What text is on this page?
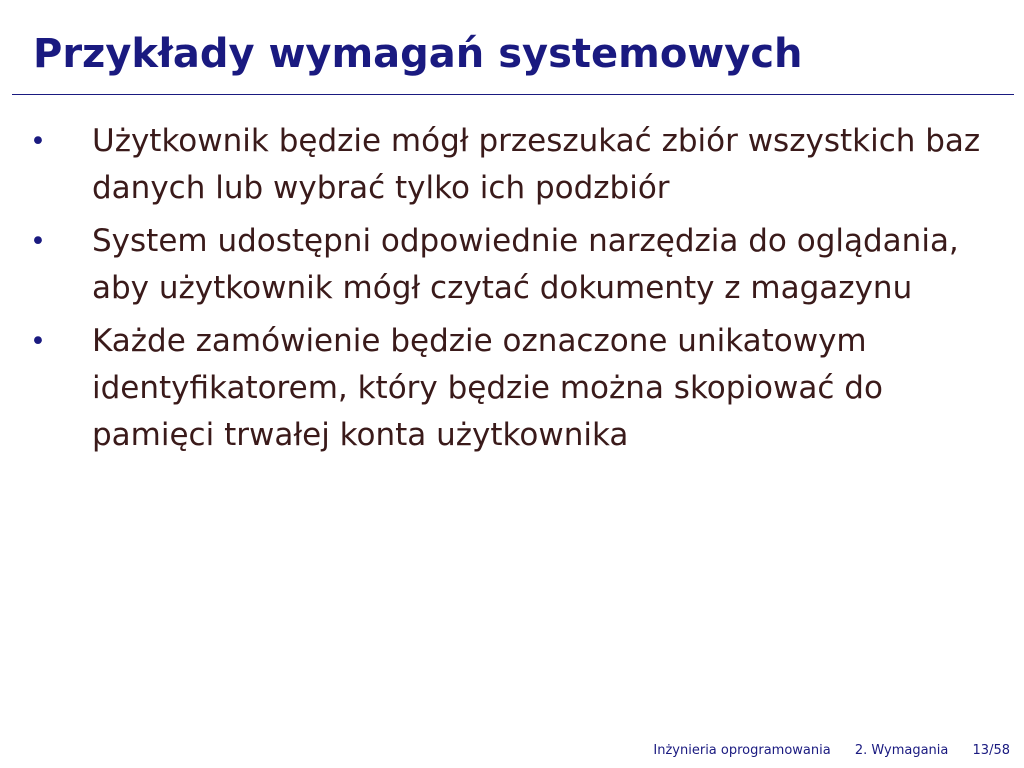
Przykłady wymagań systemowych
• Użytkownik będzie mógł przeszukać zbiór wszystkich baz danych lub wybrać tylko ich podzbiór
• System udostępni odpowiednie narzędzia do oglądania, aby użytkownik mógł czytać dokumenty z magazynu
• Każde zamówienie będzie oznaczone unikatowym identyfikatorem, który będzie można skopiować do pamięci trwałej konta użytkownika
Inżynieria oprogramowania 2. Wymagania 13/58
